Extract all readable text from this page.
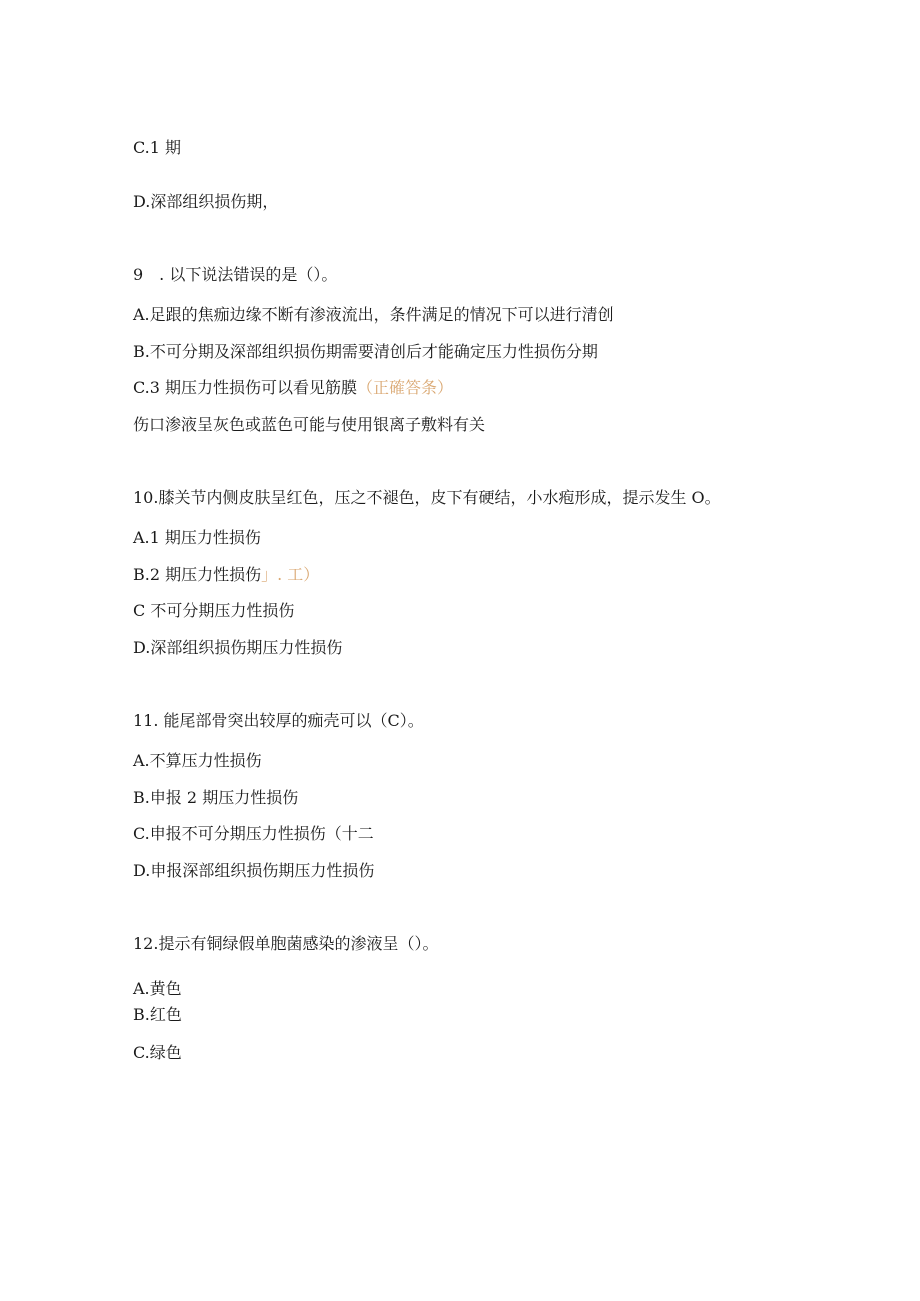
C.1 期
D.深部组织损伤期，
9　. 以下说法错误的是（）。
A.足跟的焦痂边缘不断有渗液流出，条件满足的情况下可以进行清创
B.不可分期及深部组织损伤期需要清创后才能确定压力性损伤分期
C.3 期压力性损伤可以看见筋膜（正確答条）
伤口渗液呈灰色或蓝色可能与使用银离子敷料有关
10.膝关节内侧皮肤呈红色，压之不褪色，皮下有硬结，小水疱形成，提示发生 O。
A.1 期压力性损伤
B.2 期压力性损伤」. 工）
C 不可分期压力性损伤
D.深部组织损伤期压力性损伤
11. 能尾部骨突出较厚的痂壳可以（C）。
A.不算压力性损伤
B.申报 2 期压力性损伤
C.申报不可分期压力性损伤（十二
D.申报深部组织损伤期压力性损伤
12.提示有铜绿假单胞菌感染的渗液呈（）。
A.黄色
B.红色
C.绿色
